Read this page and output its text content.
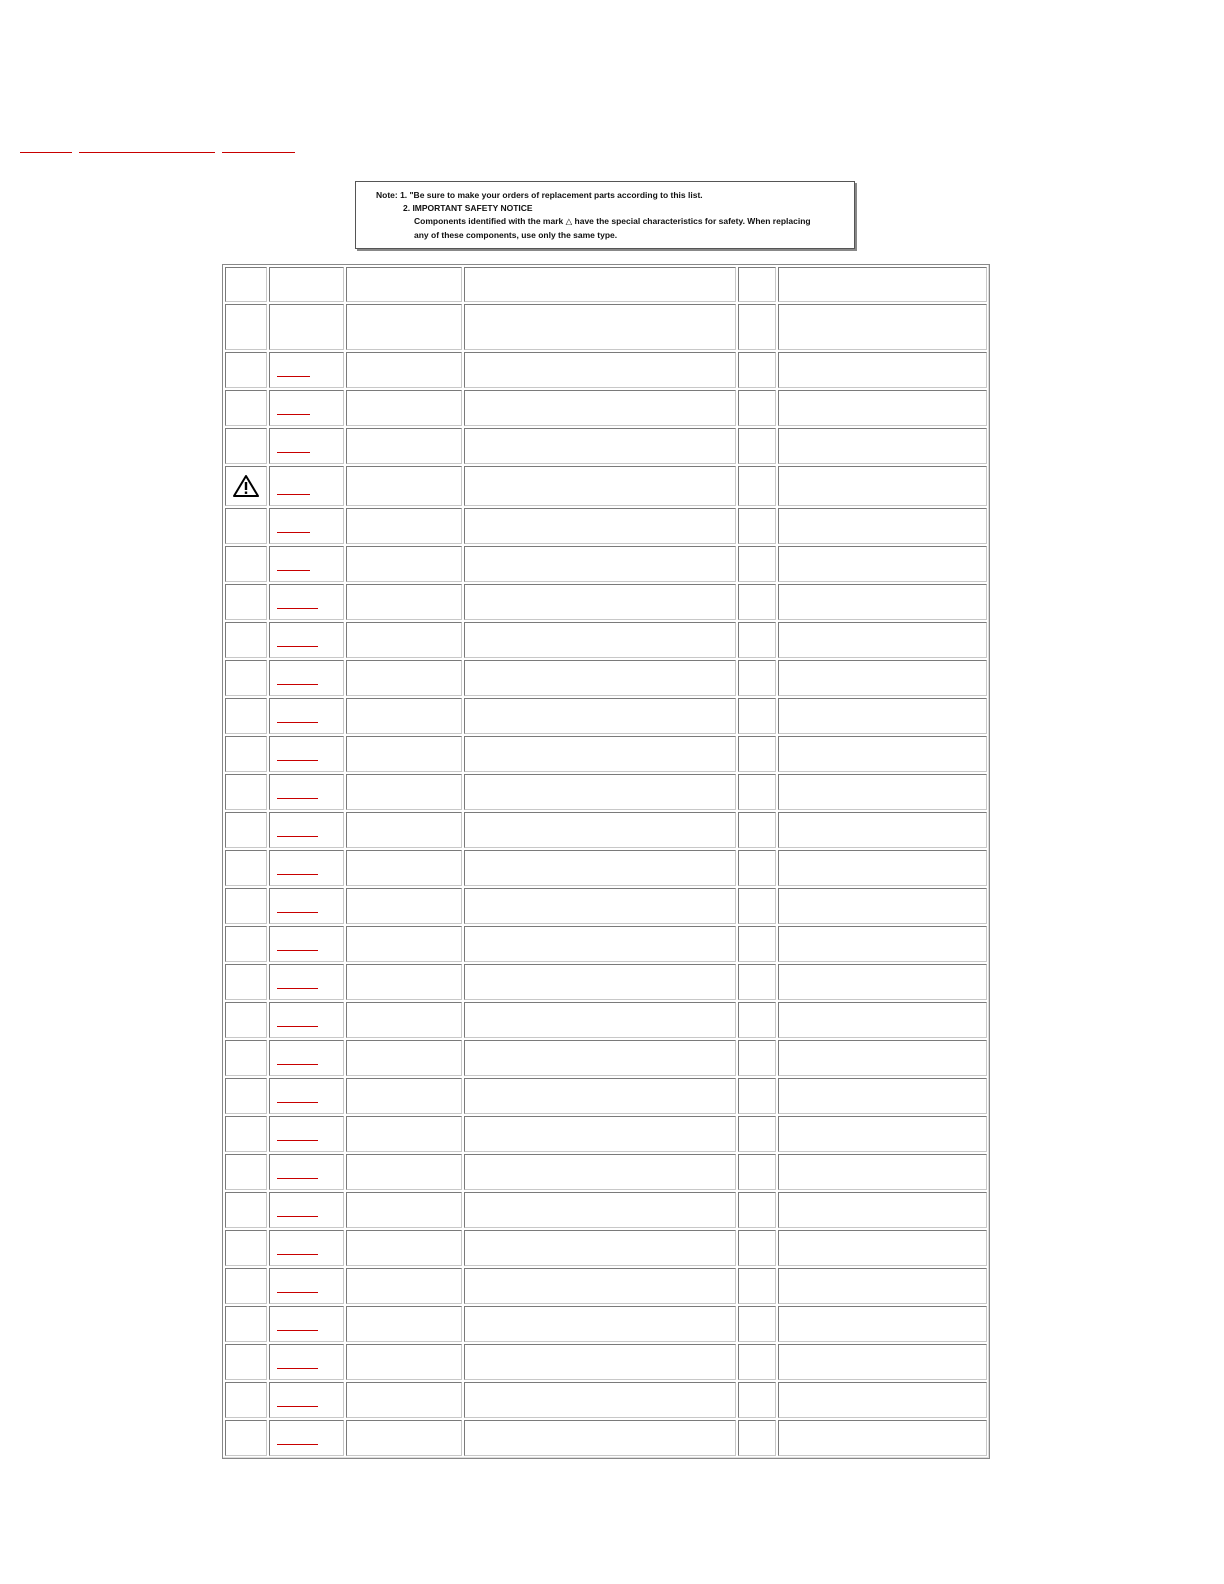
Note: 1. "Be sure to make your orders of replacement parts according to this list.
2. IMPORTANT SAFETY NOTICE
Components identified with the mark △ have the special characteristics for safety. When replacing
any of these components, use only the same type.
